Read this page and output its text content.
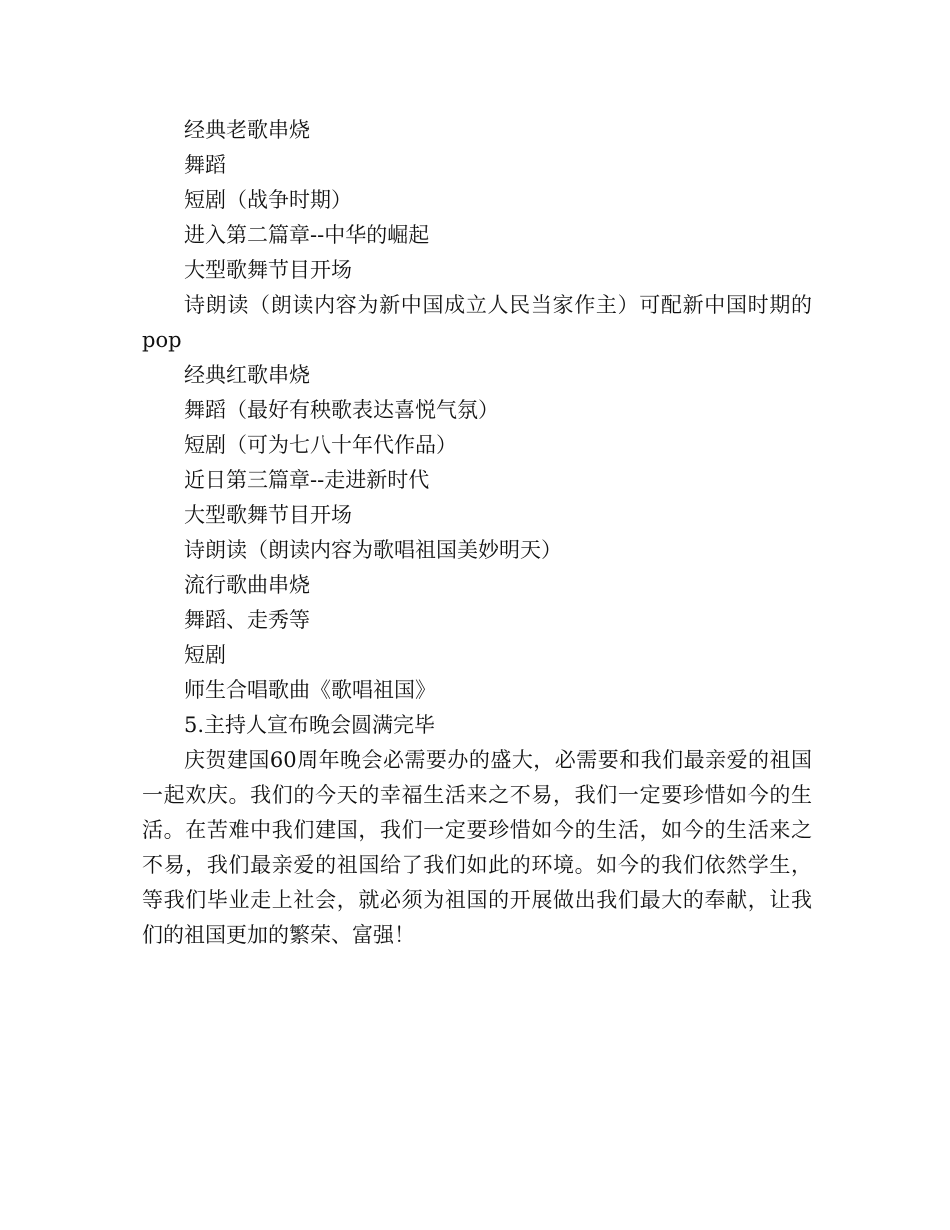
经典老歌串烧

舞蹈

短剧（战争时期）

进入第二篇章--中华的崛起

大型歌舞节目开场

诗朗读（朗读内容为新中国成立人民当家作主）可配新中国时期的pop

经典红歌串烧

舞蹈（最好有秧歌表达喜悦气氛）

短剧（可为七八十年代作品）

近日第三篇章--走进新时代

大型歌舞节目开场

诗朗读（朗读内容为歌唱祖国美妙明天）

流行歌曲串烧

舞蹈、走秀等

短剧

师生合唱歌曲《歌唱祖国》

5.主持人宣布晚会圆满完毕

庆贺建国60周年晚会必需要办的盛大，必需要和我们最亲爱的祖国一起欢庆。我们的今天的幸福生活来之不易，我们一定要珍惜如今的生活。在苦难中我们建国，我们一定要珍惜如今的生活，如今的生活来之不易，我们最亲爱的祖国给了我们如此的环境。如今的我们依然学生，等我们毕业走上社会，就必须为祖国的开展做出我们最大的奉献，让我们的祖国更加的繁荣、富强！
